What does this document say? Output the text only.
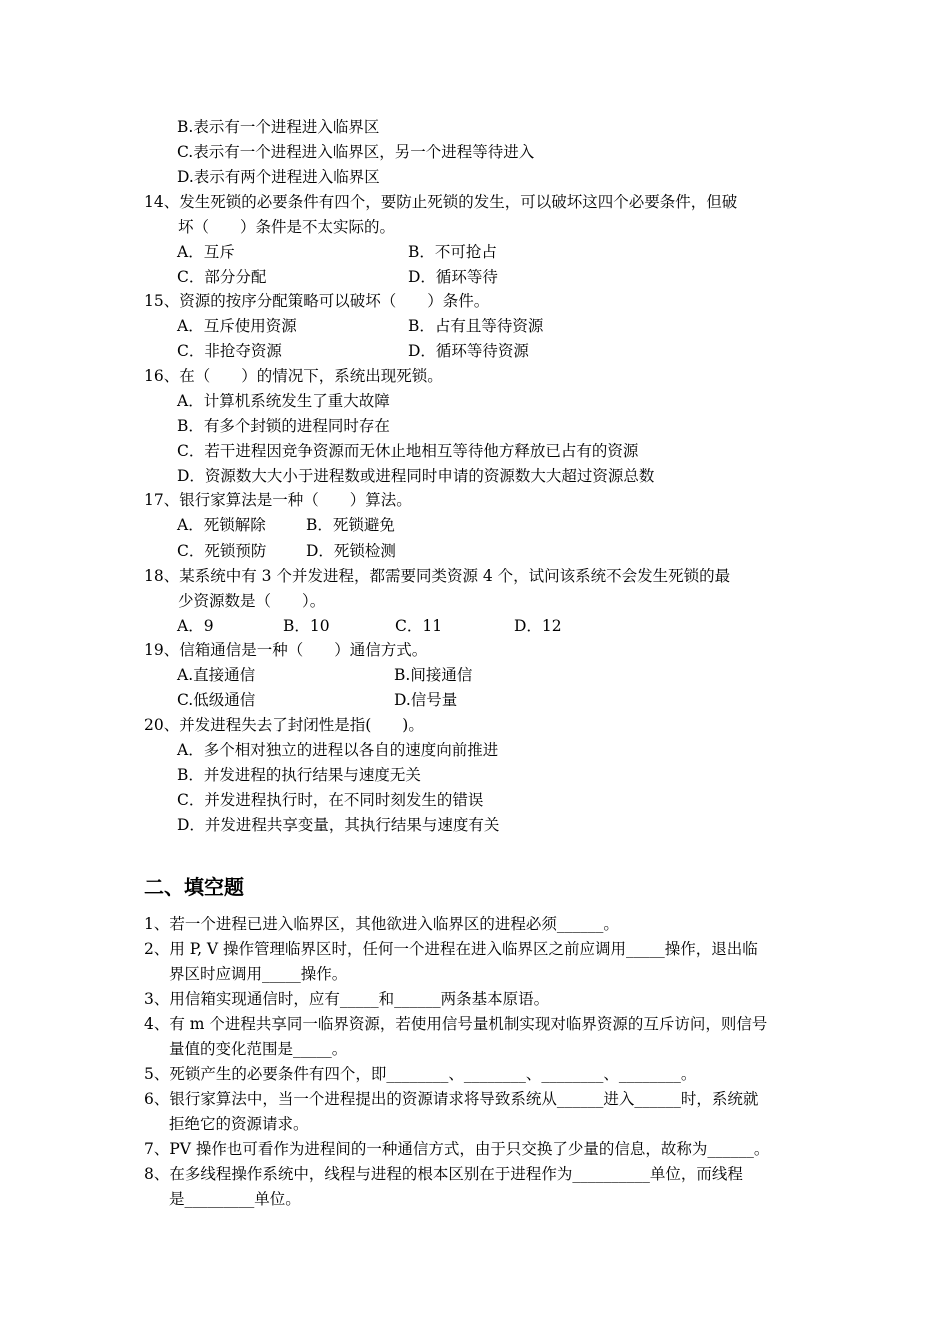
B.表示有一个进程进入临界区
C.表示有一个进程进入临界区，另一个进程等待进入
D.表示有两个进程进入临界区
14、发生死锁的必要条件有四个，要防止死锁的发生，可以破坏这四个必要条件，但破
坏（　　）条件是不太实际的。
A．互斥	B．不可抢占
C．部分分配	D．循环等待
15、资源的按序分配策略可以破坏（　　）条件。
A．互斥使用资源	B．占有且等待资源
C．非抢夺资源	D．循环等待资源
16、在（　　）的情况下，系统出现死锁。
A．计算机系统发生了重大故障
B．有多个封锁的进程同时存在
C．若干进程因竞争资源而无休止地相互等待他方释放已占有的资源
D．资源数大大小于进程数或进程同时申请的资源数大大超过资源总数
17、银行家算法是一种（　　）算法。
A．死锁解除	B．死锁避免
C．死锁预防	D．死锁检测
18、某系统中有 3 个并发进程，都需要同类资源 4 个，试问该系统不会发生死锁的最
少资源数是（　　）。
A．9	B．10	C．11	D．12
19、信箱通信是一种（　　）通信方式。
A.直接通信	B.间接通信
C.低级通信	D.信号量
20、并发进程失去了封闭性是指(　　)。
A．多个相对独立的进程以各自的速度向前推进
B．并发进程的执行结果与速度无关
C．并发进程执行时，在不同时刻发生的错误
D．并发进程共享变量，其执行结果与速度有关
二、填空题
1、若一个进程已进入临界区，其他欲进入临界区的进程必须______。
2、用 P, V 操作管理临界区时，任何一个进程在进入临界区之前应调用_____操作，退出临
界区时应调用_____操作。
3、用信箱实现通信时，应有_____和______两条基本原语。
4、有 m 个进程共享同一临界资源，若使用信号量机制实现对临界资源的互斥访问，则信号
量值的变化范围是_____。
5、死锁产生的必要条件有四个，即________、________、________、________。
6、银行家算法中，当一个进程提出的资源请求将导致系统从______进入______时，系统就
拒绝它的资源请求。
7、PV 操作也可看作为进程间的一种通信方式，由于只交换了少量的信息，故称为______。
8、在多线程操作系统中，线程与进程的根本区别在于进程作为__________单位，而线程
是_________单位。
